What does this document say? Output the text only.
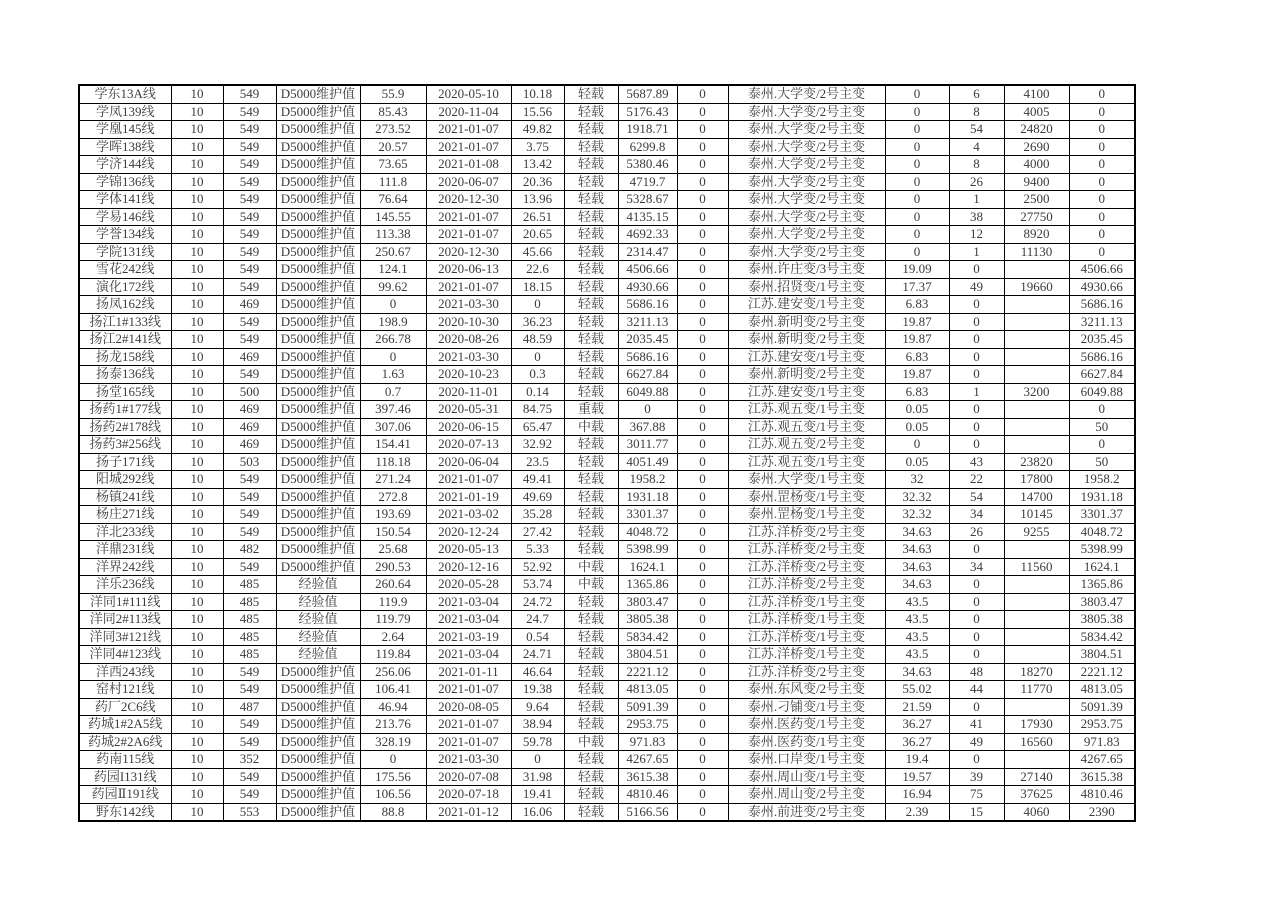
学东13A线	10	549	D5000维护值	55.9	2020-05-10	10.18	轻载	5687.89	0	泰州.大学变/2号主变	0	6	4100	0
学凤139线	10	549	D5000维护值	85.43	2020-11-04	15.56	轻载	5176.43	0	泰州.大学变/2号主变	0	8	4005	0
学凰145线	10	549	D5000维护值	273.52	2021-01-07	49.82	轻载	1918.71	0	泰州.大学变/2号主变	0	54	24820	0
学晖138线	10	549	D5000维护值	20.57	2021-01-07	3.75	轻载	6299.8	0	泰州.大学变/2号主变	0	4	2690	0
学济144线	10	549	D5000维护值	73.65	2021-01-08	13.42	轻载	5380.46	0	泰州.大学变/2号主变	0	8	4000	0
学锦136线	10	549	D5000维护值	111.8	2020-06-07	20.36	轻载	4719.7	0	泰州.大学变/2号主变	0	26	9400	0
学体141线	10	549	D5000维护值	76.64	2020-12-30	13.96	轻载	5328.67	0	泰州.大学变/2号主变	0	1	2500	0
学易146线	10	549	D5000维护值	145.55	2021-01-07	26.51	轻载	4135.15	0	泰州.大学变/2号主变	0	38	27750	0
学誉134线	10	549	D5000维护值	113.38	2021-01-07	20.65	轻载	4692.33	0	泰州.大学变/2号主变	0	12	8920	0
学院131线	10	549	D5000维护值	250.67	2020-12-30	45.66	轻载	2314.47	0	泰州.大学变/2号主变	0	1	11130	0
雪花242线	10	549	D5000维护值	124.1	2020-06-13	22.6	轻载	4506.66	0	泰州.许庄变/3号主变	19.09	0		4506.66
演化172线	10	549	D5000维护值	99.62	2021-01-07	18.15	轻载	4930.66	0	泰州.招贤变/1号主变	17.37	49	19660	4930.66
扬凤162线	10	469	D5000维护值	0	2021-03-30	0	轻载	5686.16	0	江苏.建安变/1号主变	6.83	0		5686.16
扬江1#133线	10	549	D5000维护值	198.9	2020-10-30	36.23	轻载	3211.13	0	泰州.新明变/2号主变	19.87	0		3211.13
扬江2#141线	10	549	D5000维护值	266.78	2020-08-26	48.59	轻载	2035.45	0	泰州.新明变/2号主变	19.87	0		2035.45
扬龙158线	10	469	D5000维护值	0	2021-03-30	0	轻载	5686.16	0	江苏.建安变/1号主变	6.83	0		5686.16
扬泰136线	10	549	D5000维护值	1.63	2020-10-23	0.3	轻载	6627.84	0	泰州.新明变/2号主变	19.87	0		6627.84
扬堂165线	10	500	D5000维护值	0.7	2020-11-01	0.14	轻载	6049.88	0	江苏.建安变/1号主变	6.83	1	3200	6049.88
扬药1#177线	10	469	D5000维护值	397.46	2020-05-31	84.75	重载	0	0	江苏.观五变/1号主变	0.05	0		0
扬药2#178线	10	469	D5000维护值	307.06	2020-06-15	65.47	中载	367.88	0	江苏.观五变/1号主变	0.05	0		50
扬药3#256线	10	469	D5000维护值	154.41	2020-07-13	32.92	轻载	3011.77	0	江苏.观五变/2号主变	0	0		0
扬子171线	10	503	D5000维护值	118.18	2020-06-04	23.5	轻载	4051.49	0	江苏.观五变/1号主变	0.05	43	23820	50
阳城292线	10	549	D5000维护值	271.24	2021-01-07	49.41	轻载	1958.2	0	泰州.大学变/1号主变	32	22	17800	1958.2
杨镇241线	10	549	D5000维护值	272.8	2021-01-19	49.69	轻载	1931.18	0	泰州.罡杨变/1号主变	32.32	54	14700	1931.18
杨庄271线	10	549	D5000维护值	193.69	2021-03-02	35.28	轻载	3301.37	0	泰州.罡杨变/1号主变	32.32	34	10145	3301.37
洋北233线	10	549	D5000维护值	150.54	2020-12-24	27.42	轻载	4048.72	0	江苏.洋桥变/2号主变	34.63	26	9255	4048.72
洋鼎231线	10	482	D5000维护值	25.68	2020-05-13	5.33	轻载	5398.99	0	江苏.洋桥变/2号主变	34.63	0		5398.99
洋界242线	10	549	D5000维护值	290.53	2020-12-16	52.92	中载	1624.1	0	江苏.洋桥变/2号主变	34.63	34	11560	1624.1
洋乐236线	10	485	经验值	260.64	2020-05-28	53.74	中载	1365.86	0	江苏.洋桥变/2号主变	34.63	0		1365.86
洋同1#111线	10	485	经验值	119.9	2021-03-04	24.72	轻载	3803.47	0	江苏.洋桥变/1号主变	43.5	0		3803.47
洋同2#113线	10	485	经验值	119.79	2021-03-04	24.7	轻载	3805.38	0	江苏.洋桥变/1号主变	43.5	0		3805.38
洋同3#121线	10	485	经验值	2.64	2021-03-19	0.54	轻载	5834.42	0	江苏.洋桥变/1号主变	43.5	0		5834.42
洋同4#123线	10	485	经验值	119.84	2021-03-04	24.71	轻载	3804.51	0	江苏.洋桥变/1号主变	43.5	0		3804.51
洋西243线	10	549	D5000维护值	256.06	2021-01-11	46.64	轻载	2221.12	0	江苏.洋桥变/2号主变	34.63	48	18270	2221.12
窑村121线	10	549	D5000维护值	106.41	2021-01-07	19.38	轻载	4813.05	0	泰州.东风变/2号主变	55.02	44	11770	4813.05
药厂2C6线	10	487	D5000维护值	46.94	2020-08-05	9.64	轻载	5091.39	0	泰州.刁铺变/1号主变	21.59	0		5091.39
药城1#2A5线	10	549	D5000维护值	213.76	2021-01-07	38.94	轻载	2953.75	0	泰州.医药变/1号主变	36.27	41	17930	2953.75
药城2#2A6线	10	549	D5000维护值	328.19	2021-01-07	59.78	中载	971.83	0	泰州.医药变/1号主变	36.27	49	16560	971.83
药南115线	10	352	D5000维护值	0	2021-03-30	0	轻载	4267.65	0	泰州.口岸变/1号主变	19.4	0		4267.65
药园I131线	10	549	D5000维护值	175.56	2020-07-08	31.98	轻载	3615.38	0	泰州.周山变/1号主变	19.57	39	27140	3615.38
药园Ⅱ191线	10	549	D5000维护值	106.56	2020-07-18	19.41	轻载	4810.46	0	泰州.周山变/2号主变	16.94	75	37625	4810.46
野东142线	10	553	D5000维护值	88.8	2021-01-12	16.06	轻载	5166.56	0	泰州.前进变/2号主变	2.39	15	4060	2390
